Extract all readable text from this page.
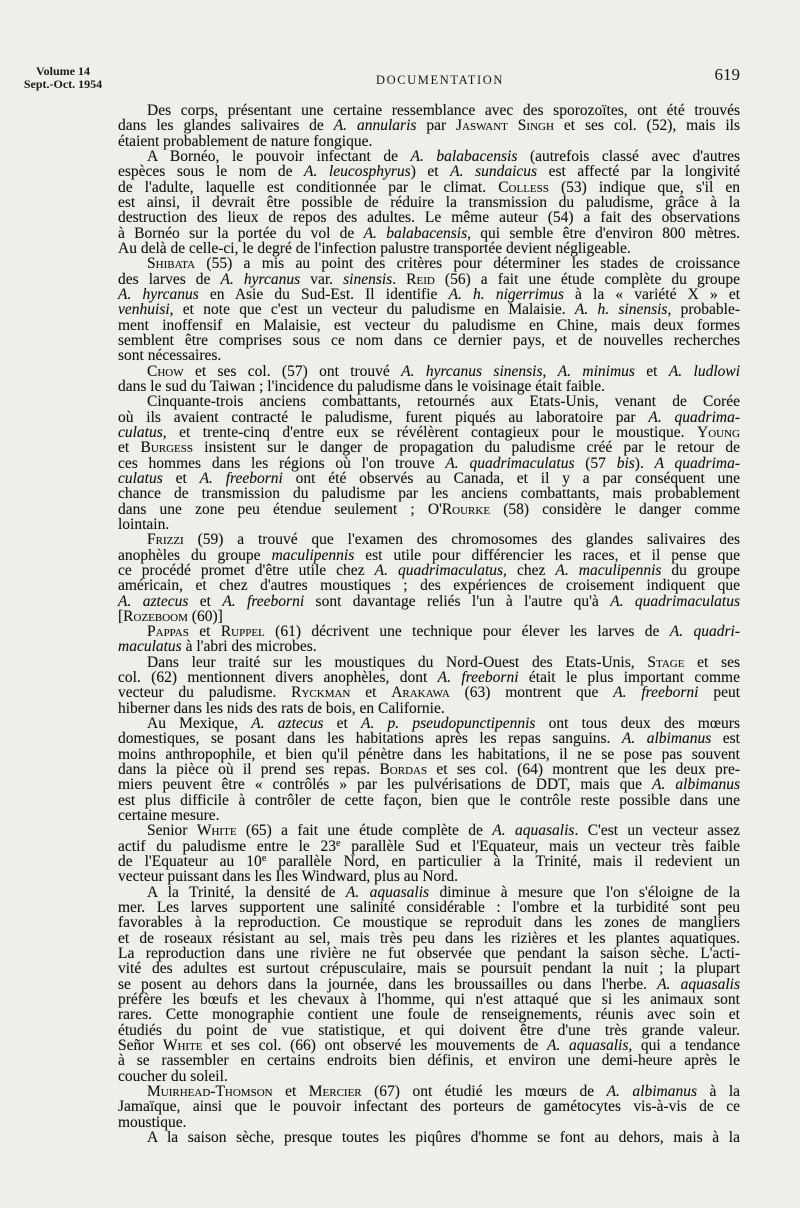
Volume 14
Sept.-Oct. 1954	DOCUMENTATION	619
Des corps, présentant une certaine ressemblance avec des sporozoïtes, ont été trouvés
dans les glandes salivaires de A. annularis par Jaswant Singh et ses col. (52), mais ils
étaient probablement de nature fongique.
A Bornéo, le pouvoir infectant de A. balabacensis (autrefois classé avec d'autres
espèces sous le nom de A. leucosphyrus) et A. sundaicus est affecté par la longivité
de l'adulte, laquelle est conditionnée par le climat. Colless (53) indique que, s'il en
est ainsi, il devrait être possible de réduire la transmission du paludisme, grâce à la
destruction des lieux de repos des adultes. Le même auteur (54) a fait des observations
à Bornéo sur la portée du vol de A. balabacensis, qui semble être d'environ 800 mètres.
Au delà de celle-ci, le degré de l'infection palustre transportée devient négligeable.
Shibata (55) a mis au point des critères pour déterminer les stades de croissance
des larves de A. hyrcanus var. sinensis. Reid (56) a fait une étude complète du groupe
A. hyrcanus en Asie du Sud-Est. Il identifie A. h. nigerrimus à la « variété X » et
venhuisi, et note que c'est un vecteur du paludisme en Malaisie. A. h. sinensis, probable-
ment inoffensif en Malaisie, est vecteur du paludisme en Chine, mais deux formes
semblent être comprises sous ce nom dans ce dernier pays, et de nouvelles recherches
sont nécessaires.
Chow et ses col. (57) ont trouvé A. hyrcanus sinensis, A. minimus et A. ludlowi
dans le sud du Taiwan ; l'incidence du paludisme dans le voisinage était faible.
Cinquante-trois anciens combattants, retournés aux Etats-Unis, venant de Corée
où ils avaient contracté le paludisme, furent piqués au laboratoire par A. quadrima-
culatus, et trente-cinq d'entre eux se révélèrent contagieux pour le moustique. Young
et Burgess insistent sur le danger de propagation du paludisme créé par le retour de
ces hommes dans les régions où l'on trouve A. quadrimaculatus (57 bis). A quadrima-
culatus et A. freeborni ont été observés au Canada, et il y a par conséquent une
chance de transmission du paludisme par les anciens combattants, mais probablement
dans une zone peu étendue seulement ; O'Rourke (58) considère le danger comme
lointain.
Frizzi (59) a trouvé que l'examen des chromosomes des glandes salivaires des
anophèles du groupe maculipennis est utile pour différencier les races, et il pense que
ce procédé promet d'être utile chez A. quadrimaculatus, chez A. maculipennis du groupe
américain, et chez d'autres moustiques ; des expériences de croisement indiquent que
A. aztecus et A. freeborni sont davantage reliés l'un à l'autre qu'à A. quadrimaculatus
[Rozeboom (60)]
Pappas et Ruppel (61) décrivent une technique pour élever les larves de A. quadri-
maculatus à l'abri des microbes.
Dans leur traité sur les moustiques du Nord-Ouest des Etats-Unis, Stage et ses
col. (62) mentionnent divers anophèles, dont A. freeborni était le plus important comme
vecteur du paludisme. Ryckman et Arakawa (63) montrent que A. freeborni peut
hiberner dans les nids des rats de bois, en Californie.
Au Mexique, A. aztecus et A. p. pseudopunctipennis ont tous deux des mœurs
domestiques, se posant dans les habitations après les repas sanguins. A. albimanus est
moins anthropophile, et bien qu'il pénètre dans les habitations, il ne se pose pas souvent
dans la pièce où il prend ses repas. Bordas et ses col. (64) montrent que les deux pre-
miers peuvent être « contrôlés » par les pulvérisations de DDT, mais que A. albimanus
est plus difficile à contrôler de cette façon, bien que le contrôle reste possible dans une
certaine mesure.
Senior White (65) a fait une étude complète de A. aquasalis. C'est un vecteur assez
actif du paludisme entre le 23e parallèle Sud et l'Equateur, mais un vecteur très faible
de l'Equateur au 10e parallèle Nord, en particulier à la Trinité, mais il redevient un
vecteur puissant dans les Iles Windward, plus au Nord.
A la Trinité, la densité de A. aquasalis diminue à mesure que l'on s'éloigne de la
mer. Les larves supportent une salinité considérable : l'ombre et la turbidité sont peu
favorables à la reproduction. Ce moustique se reproduit dans les zones de mangliers
et de roseaux résistant au sel, mais très peu dans les rizières et les plantes aquatiques.
La reproduction dans une rivière ne fut observée que pendant la saison sèche. L'acti-
vité des adultes est surtout crépusculaire, mais se poursuit pendant la nuit ; la plupart
se posent au dehors dans la journée, dans les broussailles ou dans l'herbe. A. aquasalis
préfère les bœufs et les chevaux à l'homme, qui n'est attaqué que si les animaux sont
rares. Cette monographie contient une foule de renseignements, réunis avec soin et
étudiés du point de vue statistique, et qui doivent être d'une très grande valeur.
Señor White et ses col. (66) ont observé les mouvements de A. aquasalis, qui a tendance
à se rassembler en certains endroits bien définis, et environ une demi-heure après le
coucher du soleil.
Muirhead-Thomson et Mercier (67) ont étudié les mœurs de A. albimanus à la
Jamaïque, ainsi que le pouvoir infectant des porteurs de gamétocytes vis-à-vis de ce
moustique.
A la saison sèche, presque toutes les piqûres d'homme se font au dehors, mais à la
